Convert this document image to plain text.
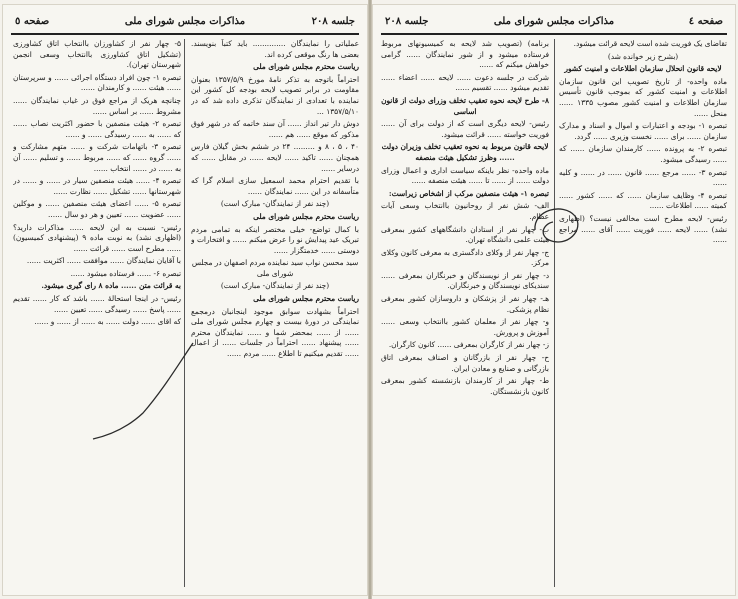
صفحه ٥	مذاکرات مجلس شورای ملی	جلسه ۲۰۸

عملیاتی را نمایندگان .............. باید کتباً بنویسند. بعضی ها رنگ موقعی کرده اند.

ریاست محترم مجلس شورای ملی

احتراماً باتوجه به تذکر نامهٔ مورخ ۱۳۵۷/۵/۹ بعنوان مقاومت در برابر تصویب لایحه بودجه کل کشور این نماینده با تعدادی از نمایندگان تذکری داده شد که در ۱۳۵۷/۵/۱۰ ...

دوش دار تیر انداز ...... آن سند خاتمه که در شهر فوق مذکور که موقع ...... هم ......

۴۰ ، ۵ ، ۸ و ......... ۲۴ در ششم بخش گیلان فارس همچنان ...... تاکید ...... لایحه ...... در مقابل ...... که درسایر ......

با تقدیم احترام محمد اسمعیل سازی اسلام گرا که متأسفانه در این ...... نمایندگان ......

(چند نفر از نمایندگان- مبارک است)

ریاست محترم مجلس شورای ملی

با کمال تواضع- خیلی مختصر اینکه به تمامی مردم تبریک عید پیدایش نو را عرض میکنم ...... و افتخارات و دوستی ...... خدمتگزار ......

سید محسن نواب سید نماینده مردم اصفهان در مجلس شورای ملی

(چند نفر از نمایندگان- مبارک است)

ریاست محترم مجلس شورای ملی

احتراماً بشهادت سوابق موجود اینجانبان درمجمع نمایندگی در دورهٔ بیست و چهارم مجلس شورای ملی ...... از ...... بمحضر شما و ...... نمایندگان محترم ...... پیشنهاد ...... احتراماً در جلسات ...... از اعمال ...... تقدیم میکنیم تا اطلاع ...... مردم ......

۵- چهار نفر از کشاورزان باانتخاب اتاق کشاورزی (تشکیل اتاق کشاورزی باانتخاب وسعی انجمن شهرستان تهران).

تبصره ۱- چون افراد دستگاه اجرائی ...... و سرپرستان ...... هیئت ...... و کارمندان ......

چنانچه هریک از مراجع فوق در غیاب نمایندگان ...... مشروط ...... بر اساس ......

تبصره ۲- هیئت منصفین با حضور اکثریت نصاب ...... که ...... به ...... رسیدگی ...... و ......

تبصره ۳- باتهامات شرکت و ...... متهم مشارکت و ...... گروه ...... که ...... مربوط ...... و تسلیم ...... آن به ...... در ...... انتخاب ......

تبصره ۴- ...... هیئت منصفین سیار در ...... و ...... در شهرستانها ...... تشکیل ...... نظارت ......

تبصره ۵- ...... اعضای هیئت منصفین ...... و موکلین ...... عضویت ...... تعیین و هر دو سال ......

رئیس- نسبت به این لایحه ...... مذاکرات دارید؟ (اظهاری نشد) به نوبت ماده ۹ (پیشنهادی کمیسیون) ...... مطرح است ...... قرائت ......

با آقایان نمایندگان ...... موافقت ...... اکثریت ......

تبصره ۶- ...... فرستاده میشود ......

به قرائت متن ...... ماده ۸ رای گیری میشود.

رئیس- در اینجا استحالهٔ ...... باشد که کار ...... تقدیم ...... پاسخ ...... رسیدگی ...... تعیین ......

که اقای ...... دولت ...... به ...... از ...... و ......

جلسه ۲۰۸	مذاکرات مجلس شورای ملی	صفحه ٤

تقاضای یک فوریت شده است لایحه قرائت میشود.

(بشرح زیر خوانده شد)

لایحه قانون انحلال سازمان اطلاعات و امنیت کشور

ماده واحده- از تاریخ تصویب این قانون سازمان اطلاعات و امنیت کشور که بموجب قانون تأسیس سازمان اطلاعات و امنیت کشور مصوب ۱۳۳۵ ...... منحل ......

تبصره ۱- بودجه و اعتبارات و اموال و اسناد و مدارک سازمان ...... برای ...... نخست وزیری ...... گردد.

تبصره ۲- به پرونده ...... کارمندان سازمان ...... که ...... رسیدگی میشود.

تبصره ۳- ...... مرجع ...... قانون ...... در ...... و کلیه ......

تبصره ۴- وظایف سازمان ...... که ...... کشور ...... کمیته ...... اطلاعات ......

رئیس- لایحه مطرح است مخالفی نیست؟ (اظهاری نشد) ...... لایحه ...... فوریت ...... آقای ...... مراجع ......

برنامه) (تصویب شد لایحه به کمیسیونهای مربوط فرستاده میشود و از شور نمایندگان ...... گرامی خواهش میکنم که ......

شرکت در جلسه دعوت ...... لایحه ...... اعضاء ...... تقدیم میشود ...... تقسیم ......

۸- طرح لایحه نحوه تعقیب تخلف وزرای دولت از قانون اساسی

رئیس- لایحه دیگری است که از دولت برای آن ...... فوریت خواسته ...... قرائت میشود.

لایحه قانون مربوط به نحوه تعقیب تخلف وزیران دولت ...... وظرز تشکیل هیئت منصفه

ماده واحده- نظر باینکه سیاست اداری و اعمال وزرای دولت ...... از ...... تا ...... هیئت منصفه ......

تبصره ۱- هیئت منصفین مرکب از اشخاص زیراست:

الف- شش نفر از روحانیون باانتخاب وسعی آیات عظام.

ب- چهار نفر از استادان دانشگاههای کشور بمعرفی هیئت علمی دانشگاه تهران.

ج- چهار نفر از وکلای دادگستری به معرفی کانون وکلای مرکز.

د- چهار نفر از نویسندگان و خبرنگاران بمعرفی ...... سندیکای نویسندگان و خبرنگاران.

هـ- چهار نفر از پزشکان و داروسازان کشور بمعرفی نظام پزشکی.

و- چهار نفر از معلمان کشور باانتخاب وسعی ...... آموزش و پرورش.

ز- چهار نفر از کارگران بمعرفی ...... کانون کارگران.

ح- چهار نفر از بازرگانان و اصناف بمعرفی اتاق بازرگانی و صنایع و معادن ایران.

ط- چهار نفر از کارمندان بازنشسته کشور بمعرفی کانون بازنشستگان.
